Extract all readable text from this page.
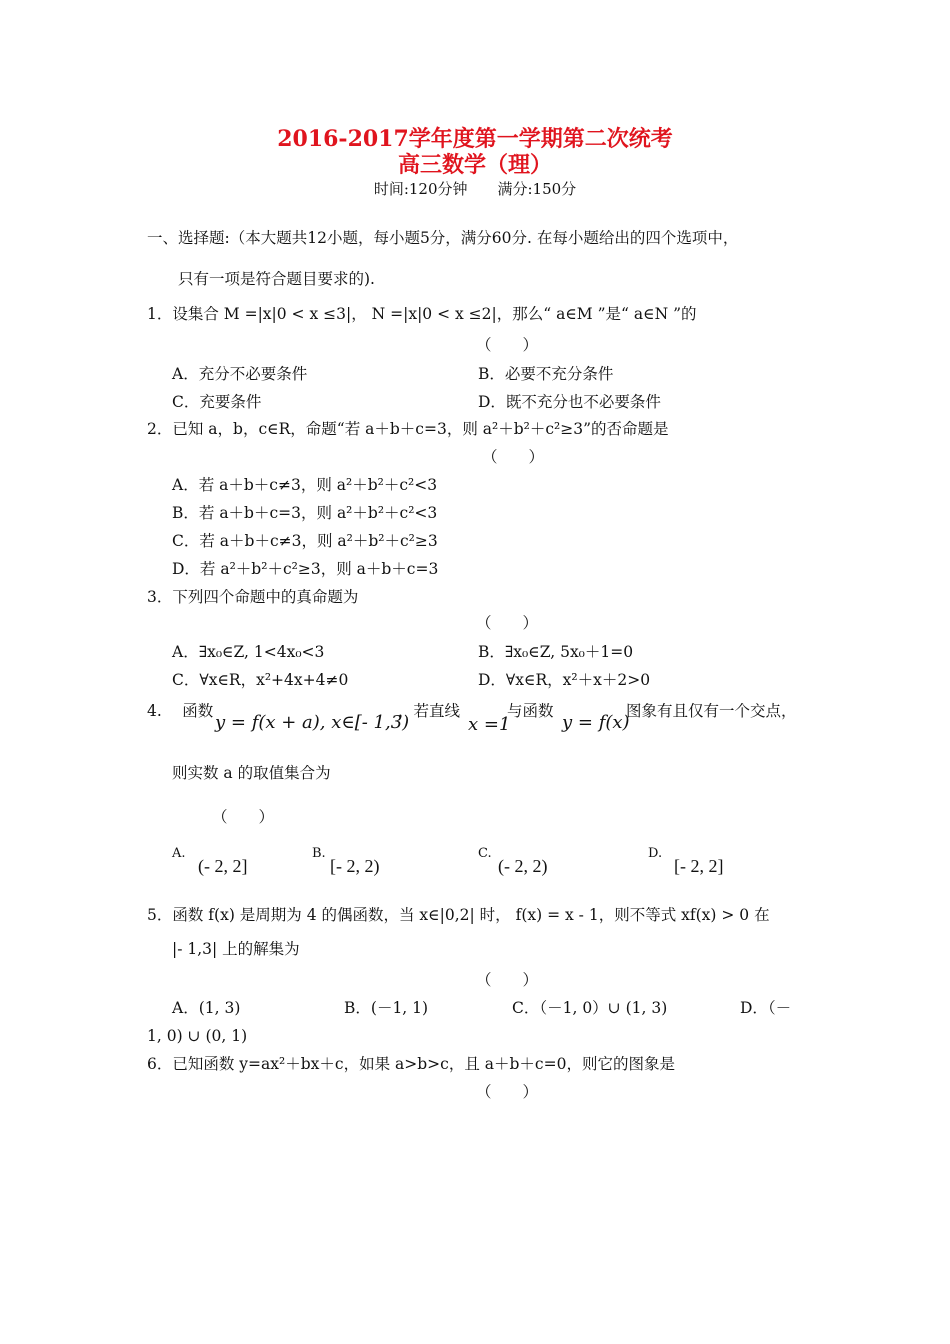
2016-2017学年度第一学期第二次统考
高三数学（理）
时间:120分钟　　满分:150分
一、选择题:（本大题共12小题，每小题5分，满分60分. 在每小题给出的四个选项中，
只有一项是符合题目要求的).
1．设集合 M =|x|0 < x ≤3|， N =|x|0 < x ≤2|，那么“ a∈M ”是“ a∈N ”的
（　　）
A．充分不必要条件	B．必要不充分条件
C．充要条件	D．既不充分也不必要条件
2．已知 a，b，c∈R，命题“若 a＋b＋c=3，则 a²＋b²＋c²≥3”的否命题是
（　　）
A．若 a＋b＋c≠3，则 a²＋b²＋c²<3
B．若 a＋b＋c=3，则 a²＋b²＋c²<3
C．若 a＋b＋c≠3，则 a²＋b²＋c²≥3
D．若 a²＋b²＋c²≥3，则 a＋b＋c=3
3．下列四个命题中的真命题为
（　　）
A．∃x₀∈Z, 1<4x₀<3	B．∃x₀∈Z, 5x₀＋1=0
C．∀x∈R，x²+4x+4≠0	D．∀x∈R，x²＋x＋2>0
4.　 函数
y = f(x + a), x∈[- 1,3)
，若直线
x =1
与函数
y = f(x)
图象有且仅有一个交点，
则实数 a 的取值集合为
（　　）
A.
(- 2, 2]
B.
[- 2, 2)
C.
(- 2, 2)
D.
[- 2, 2]
5．函数 f(x) 是周期为 4 的偶函数，当 x∈|0,2| 时， f(x) = x - 1，则不等式 xf(x) > 0 在
|- 1,3| 上的解集为
（　　）
A．(1, 3)	B．(－1, 1)	C．（－1, 0）∪ (1, 3)	D．（－
1, 0) ∪ (0, 1)
6．已知函数 y=ax²＋bx＋c，如果 a>b>c，且 a＋b＋c=0，则它的图象是
（　　）
